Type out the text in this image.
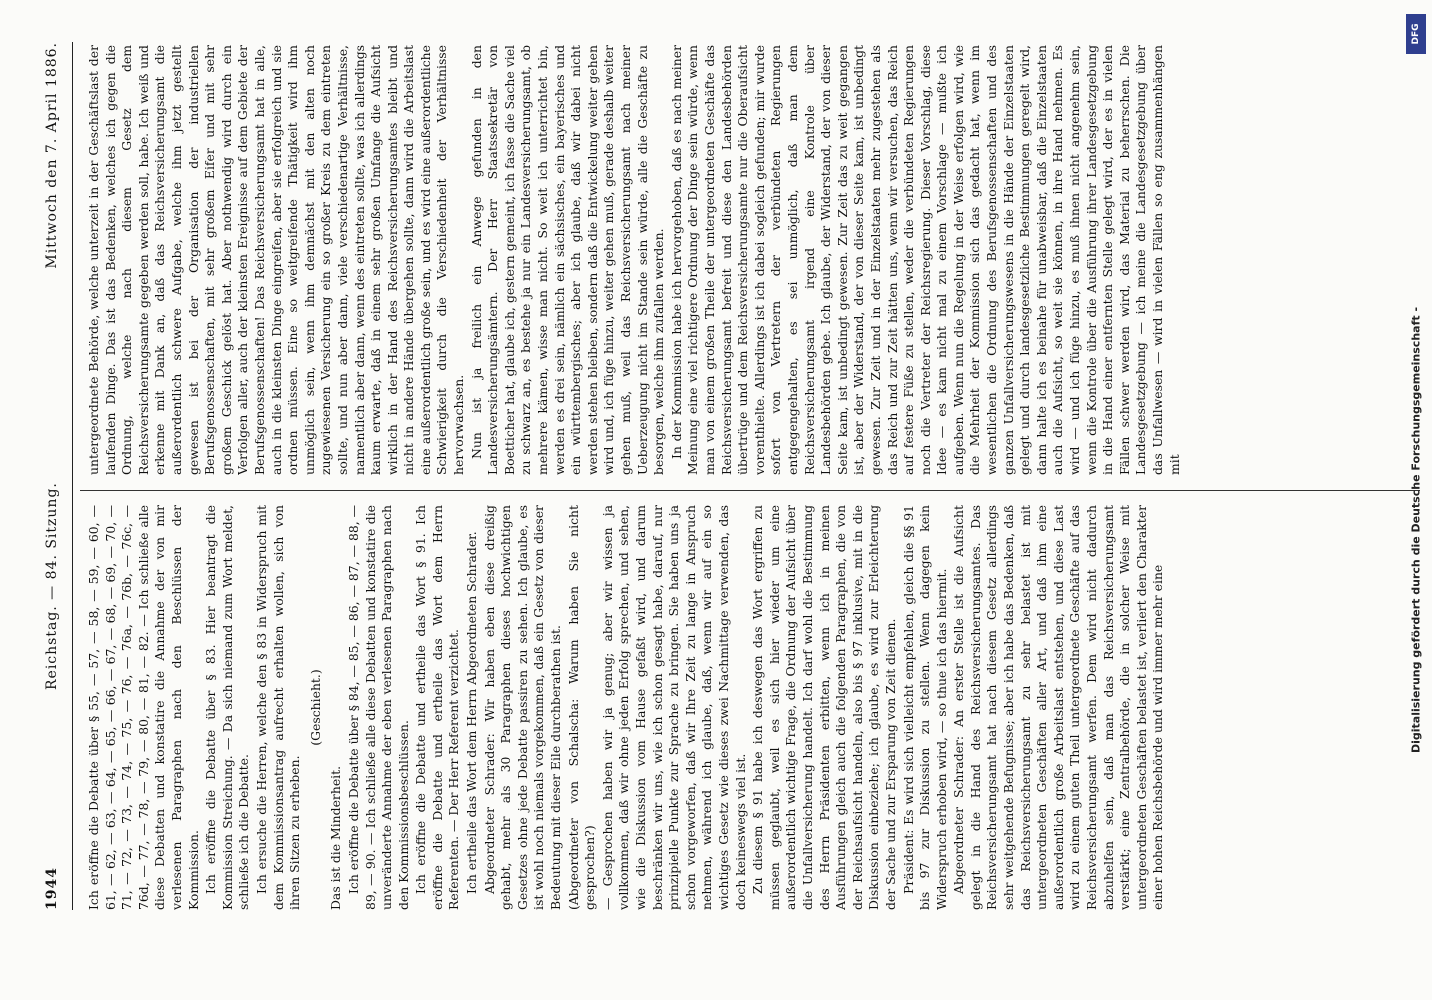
1944
Reichstag. — 84. Sitzung.
Mittwoch den 7. April 1886.

Ich eröffne die Debatte über § 55, — 57, — 58, — 59, — 60, — 61, — 62, — 63, — 64, — 65, — 66, — 67, — 68, — 69, — 70, — 71, — 72, — 73, — 74, — 75, — 76, — 76a, — 76b, — 76c, — 76d, — 77, — 78, — 79, — 80, — 81, — 82. — Ich schließe alle diese Debatten und konstatire die Annahme der von mir verlesenen Paragraphen nach den Beschlüssen der Kommission. Ich eröffne die Debatte über § 83. Hier beantragt die Kommission Streichung. — Da sich niemand zum Wort meldet, schließe ich die Debatte. Ich ersuche die Herren, welche den § 83 in Widerspruch mit dem Kommissionsantrag aufrecht erhalten wollen, sich von ihren Sitzen zu erheben.

(Geschieht.)

Das ist die Minderheit. Ich eröffne die Debatte über § 84, — 85, — 86, — 87, — 88, — 89, — 90. — Ich schließe alle diese Debatten und konstatire die unveränderte Annahme der eben verlesenen Paragraphen nach den Kommissionsbeschlüssen. Ich eröffne die Debatte und ertheile das Wort § 91. Ich eröffne die Debatte und ertheile das Wort dem Herrn Referenten. — Der Herr Referent verzichtet. Ich ertheile das Wort dem Herrn Abgeordneten Schrader. Abgeordneter Schrader: Wir haben eben diese dreißig gehabt, mehr als 30 Paragraphen dieses hochwichtigen Gesetzes ohne jede Debatte passiren zu sehen. Ich glaube, es ist wohl noch niemals vorgekommen, daß ein Gesetz von dieser Bedeutung mit dieser Eile durchberathen ist. (Abgeordneter von Schalscha: Warum haben Sie nicht gesprochen?) — Gesprochen haben wir ja genug; aber wir wissen ja vollkommen, daß wir ohne jeden Erfolg sprechen, und sehen, wie die Diskussion vom Hause gefaßt wird, und darum beschränken wir uns, wie ich schon gesagt habe, darauf, nur prinzipielle Punkte zur Sprache zu bringen. Sie haben uns ja schon vorgeworfen, daß wir Ihre Zeit zu lange in Anspruch nehmen, während ich glaube, daß, wenn wir auf ein so wichtiges Gesetz wie dieses zwei Nachmittage verwenden, das doch keineswegs viel ist. Zu diesem § 91 habe ich deswegen das Wort ergriffen zu müssen geglaubt, weil es sich hier wieder um eine außerordentlich wichtige Frage, die Ordnung der Aufsicht über die Unfallversicherung handelt. Ich darf wohl die Bestimmung des Herrn Präsidenten erbitten, wenn ich in meinen Ausführungen gleich auch die folgenden Paragraphen, die von der Reichsaufsicht handeln, also bis § 97 inklusive, mit in die Diskussion einbeziehe; ich glaube, es wird zur Erleichterung der Sache und zur Ersparung von Zeit dienen. Präsident: Es wird sich vielleicht empfehlen, gleich die §§ 91 bis 97 zur Diskussion zu stellen. Wenn dagegen kein Widerspruch erhoben wird, — so thue ich das hiermit. Abgeordneter Schrader: An erster Stelle ist die Aufsicht gelegt in die Hand des Reichsversicherungsamtes. Das Reichsversicherungsamt hat nach diesem Gesetz allerdings sehr weitgehende Befugnisse; aber ich habe das Bedenken, daß das Reichsversicherungsamt zu sehr belastet ist mit untergeordneten Geschäften aller Art, und daß ihm eine außerordentlich große Arbeitslast entstehen, und diese Last wird zu einem guten Theil untergeordnete Geschäfte auf das Reichsversicherungsamt werfen. Dem wird nicht dadurch abzuhelfen sein, daß man das Reichsversicherungsamt verstärkt; eine Zentralbehörde, die in solcher Weise mit untergeordneten Geschäften belastet ist, verliert den Charakter einer hohen Reichsbehörde und wird immer mehr eine

untergeordnete Behörde, welche unterzeit in der Geschäftslast der laufenden Dinge. Das ist das Bedenken, welches ich gegen die Ordnung, welche nach diesem Gesetz dem Reichsversicherungsamte gegeben werden soll, habe. Ich weiß und erkenne mit Dank an, daß das Reichsversicherungsamt die außerordentlich schwere Aufgabe, welche ihm jetzt gestellt gewesen ist bei der Organisation der industriellen Berufsgenossenschaften, mit sehr großem Eifer und mit sehr großem Geschick gelöst hat. Aber nothwendig wird durch ein Verfolgen aller, auch der kleinsten Ereignisse auf dem Gebiete der Berufsgenossenschaften! Das Reichsversicherungsamt hat in alle, auch in die kleinsten Dinge eingreifen, aber sie erfolgreich und sie ordnen müssen. Eine so weitgreifende Thätigkeit wird ihm unmöglich sein, wenn ihm demnächst mit den alten noch zugewiesenen Versicherung ein so großer Kreis zu dem eintreten sollte, und nun aber dann, viele verschiedenartige Verhältnisse, namentlich aber dann, wenn des eintreten sollte, was ich allerdings kaum erwarte, daß in einem sehr großen Umfange die Aufsicht wirklich in der Hand des Reichsversicherungsamtes bleibt und nicht in andere Hände übergehen sollte, dann wird die Arbeitslast eine außerordentlich große sein, und es wird eine außerordentliche Schwierigkeit durch die Verschiedenheit der Verhältnisse hervorwachsen. Nun ist ja freilich ein Anwege gefunden in den Landesversicherungsämtern. Der Herr Staatssekretär von Boetticher hat, glaube ich, gestern gemeint, ich fasse die Sache viel zu schwarz an, es bestehe ja nur ein Landesversicherungsamt, ob mehrere kämen, wisse man nicht. So weit ich unterrichtet bin, werden es drei sein, nämlich ein sächsisches, ein bayerisches und ein württembergisches; aber ich glaube, daß wir dabei nicht werden stehen bleiben, sondern daß die Entwickelung weiter gehen wird und, ich füge hinzu, weiter gehen muß, gerade deshalb weiter gehen muß, weil das Reichsversicherungsamt nach meiner Ueberzeugung nicht im Stande sein würde, alle die Geschäfte zu besorgen, welche ihm zufallen werden. In der Kommission habe ich hervorgehoben, daß es nach meiner Meinung eine viel richtigere Ordnung der Dinge sein würde, wenn man von einem großen Theile der untergeordneten Geschäfte das Reichsversicherungsamt befreit und diese den Landesbehörden übertrüge und dem Reichsversicherungsamte nur die Oberaufsicht vorenthielte. Allerdings ist ich dabei sogleich gefunden; mir wurde sofort von Vertretern der verbündeten Regierungen entgegengehalten, es sei unmöglich, daß man dem Reichsversicherungsamt irgend eine Kontrole über Landesbehörden gebe. Ich glaube, der Widerstand, der von dieser Seite kam, ist unbedingt gewesen. Zur Zeit das zu weit gegangen ist, aber der Widerstand, der von dieser Seite kam, ist unbedingt gewesen. Zur Zeit und in der Einzelstaaten mehr zugestehen als das Reich und zur Zeit hätten uns, wenn wir versuchen, das Reich auf festere Füße zu stellen, weder die verbündeten Regierungen noch die Vertreter der Reichsregierung. Dieser Vorschlag, diese Idee — es kam nicht mal zu einem Vorschlage — mußte ich aufgeben. Wenn nun die Regelung in der Weise erfolgen wird, wie die Mehrheit der Kommission sich das gedacht hat, wenn im wesentlichen die Ordnung des Berufsgenossenschaften und des ganzen Unfallversicherungswesens in die Hände der Einzelstaaten gelegt und durch landesgesetzliche Bestimmungen geregelt wird, dann halte ich es beinahe für unabweisbar, daß die Einzelstaaten auch die Aufsicht, so weit sie können, in ihre Hand nehmen. Es wird — und ich füge hinzu, es muß ihnen nicht angenehm sein, wenn die Kontrole über die Ausführung ihrer Landesgesetzgebung in die Hand einer entfernten Stelle gelegt wird, der es in vielen Fällen schwer werden wird, das Material zu beherrschen. Die Landesgesetzgebung — ich meine die Landesgesetzgebung über das Unfallwesen — wird in vielen Fällen so eng zusammenhängen mit

DFG
Digitalisierung gefördert durch die Deutsche Forschungsgemeinschaft -
